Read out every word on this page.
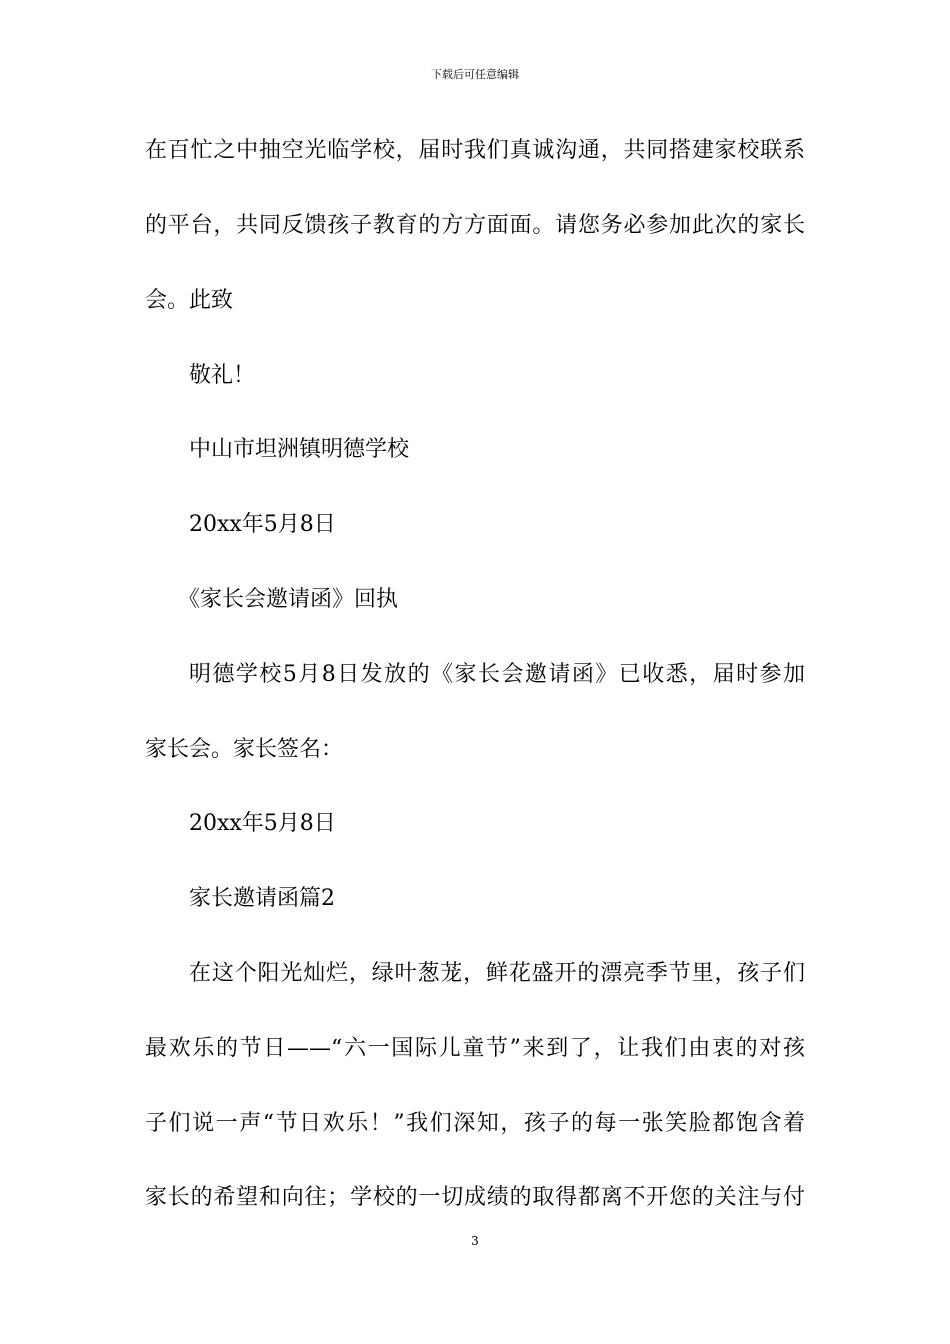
下载后可任意编辑
在百忙之中抽空光临学校，届时我们真诚沟通，共同搭建家校联系
的平台，共同反馈孩子教育的方方面面。请您务必参加此次的家长
会。此致
敬礼！
中山市坦洲镇明德学校
20xx年5月8日
《家长会邀请函》回执
明德学校5月8日发放的《家长会邀请函》已收悉，届时参加
家长会。家长签名：
20xx年5月8日
家长邀请函篇2
在这个阳光灿烂，绿叶葱茏，鲜花盛开的漂亮季节里，孩子们
最欢乐的节日——“六一国际儿童节”来到了，让我们由衷的对孩
子们说一声“节日欢乐！”我们深知，孩子的每一张笑脸都饱含着
家长的希望和向往；学校的一切成绩的取得都离不开您的关注与付
3
